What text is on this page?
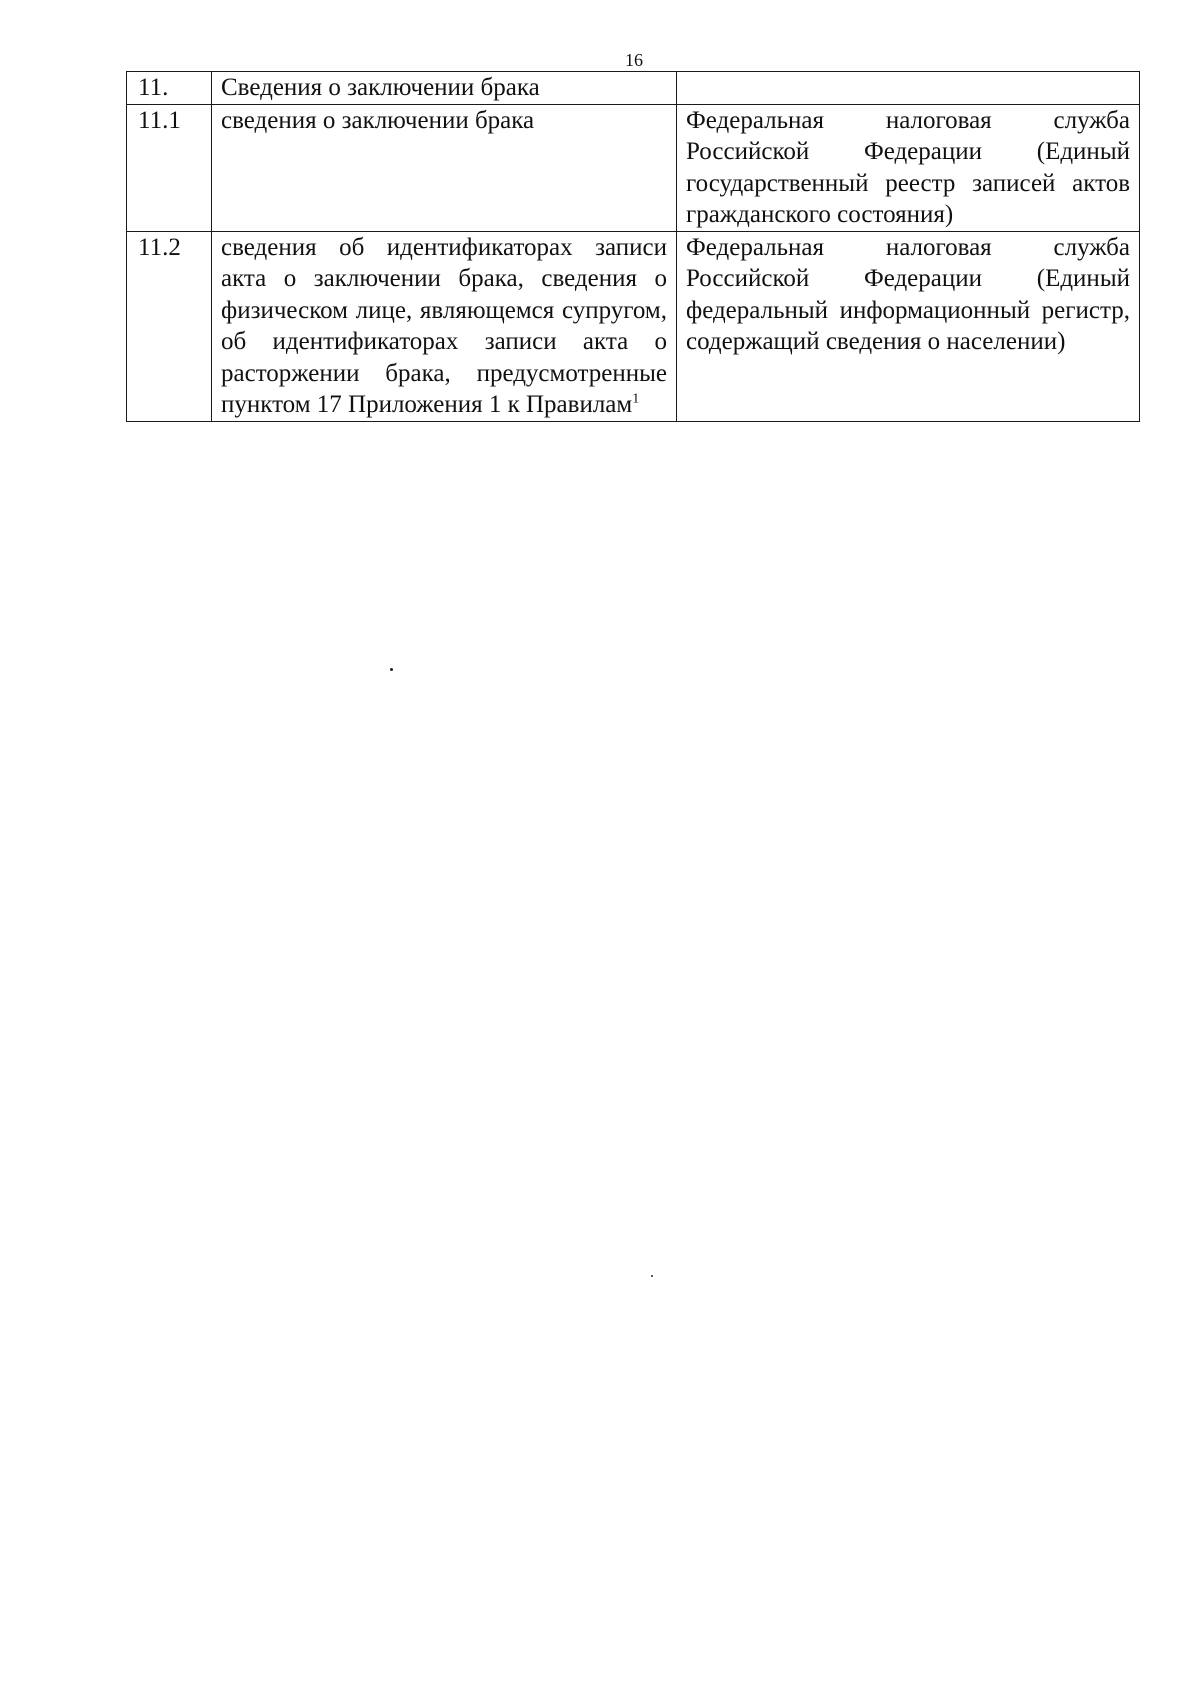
16
11.	Сведения о заключении брака	
11.1	сведения о заключении брака	Федеральная налоговая служба Российской Федерации (Единый государственный реестр записей актов гражданского состояния)
11.2	сведения об идентификаторах записи акта о заключении брака, сведения о физическом лице, являющемся супругом, об идентификаторах записи акта о расторжении брака, предусмотренные пунктом 17 Приложения 1 к Правилам$^1$	Федеральная налоговая служба Российской Федерации (Единый федеральный информационный регистр, содержащий сведения о населении)
